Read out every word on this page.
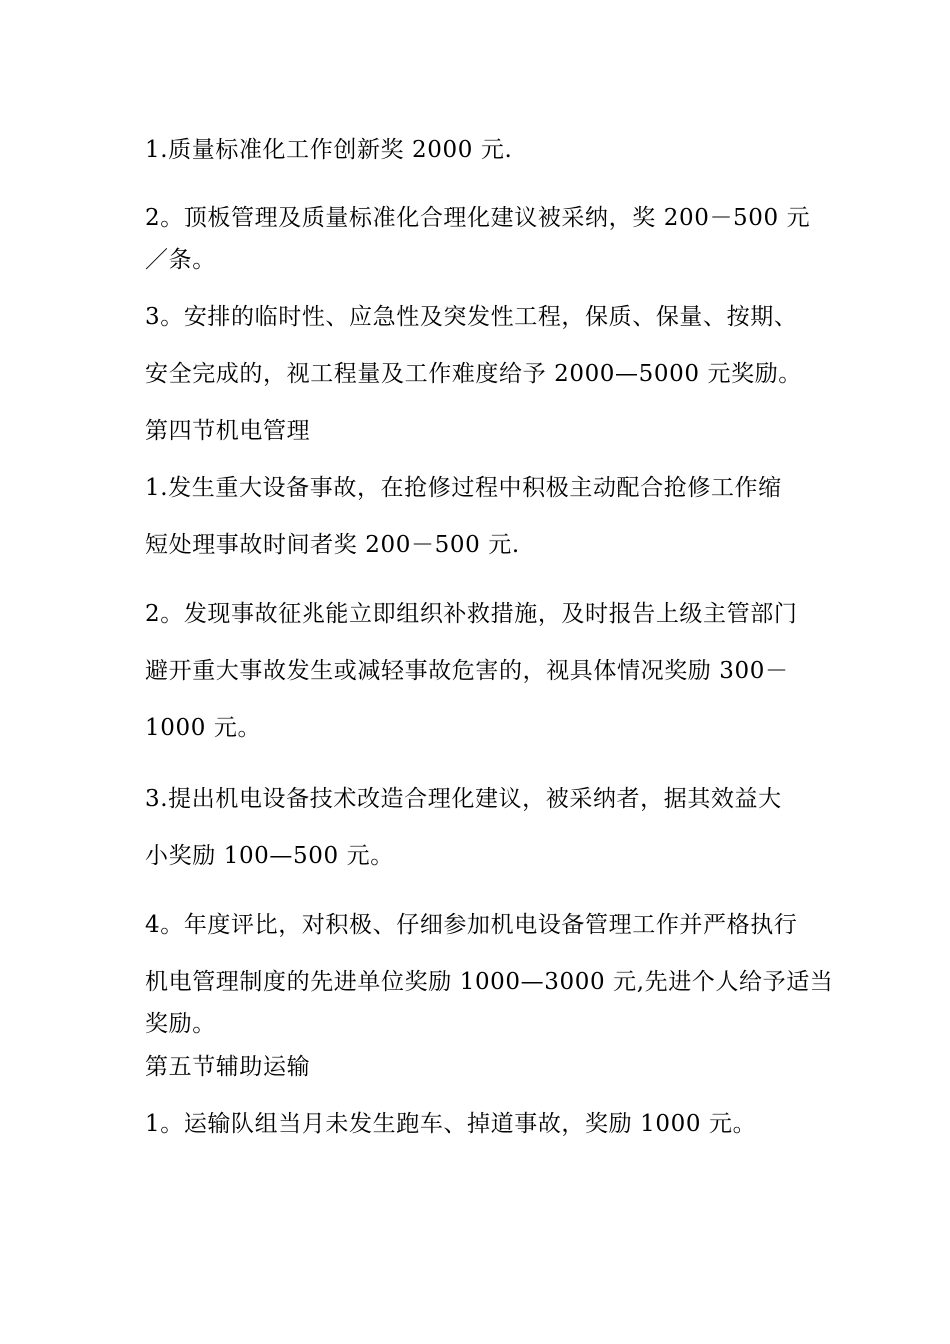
1.质量标准化工作创新奖 2000 元.
2。顶板管理及质量标准化合理化建议被采纳，奖 200－500 元
／条。
3。安排的临时性、应急性及突发性工程，保质、保量、按期、
安全完成的，视工程量及工作难度给予 2000—5000 元奖励。
第四节机电管理
1.发生重大设备事故，在抢修过程中积极主动配合抢修工作缩
短处理事故时间者奖 200－500 元.
2。发现事故征兆能立即组织补救措施，及时报告上级主管部门
避开重大事故发生或减轻事故危害的，视具体情况奖励 300－
1000 元。
3.提出机电设备技术改造合理化建议，被采纳者，据其效益大
小奖励 100—500 元。
4。年度评比，对积极、仔细参加机电设备管理工作并严格执行
机电管理制度的先进单位奖励 1000—3000 元,先进个人给予适当
奖励。
第五节辅助运输
1。运输队组当月未发生跑车、掉道事故，奖励 1000 元。
